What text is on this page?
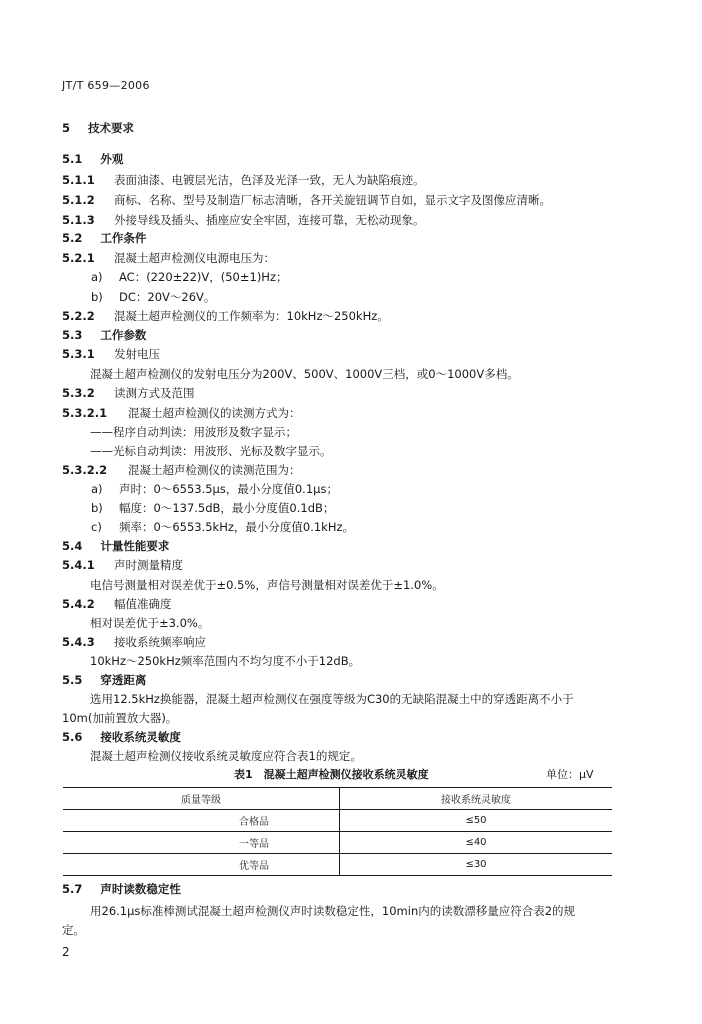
JT/T 659—2006
5 技术要求
5.1 外观
5.1.1 表面油漆、电镀层光洁，色泽及光泽一致，无人为缺陷痕迹。
5.1.2 商标、名称、型号及制造厂标志清晰，各开关旋钮调节自如，显示文字及图像应清晰。
5.1.3 外接导线及插头、插座应安全牢固，连接可靠，无松动现象。
5.2 工作条件
5.2.1 混凝土超声检测仪电源电压为：
a) AC：(220±22)V，(50±1)Hz；
b) DC：20V～26V。
5.2.2 混凝土超声检测仪的工作频率为：10kHz～250kHz。
5.3 工作参数
5.3.1 发射电压
混凝土超声检测仪的发射电压分为200V、500V、1000V三档，或0～1000V多档。
5.3.2 读测方式及范围
5.3.2.1 混凝土超声检测仪的读测方式为：
——程序自动判读：用波形及数字显示；
——光标自动判读：用波形、光标及数字显示。
5.3.2.2 混凝土超声检测仪的读测范围为：
a) 声时：0～6553.5μs，最小分度值0.1μs；
b) 幅度：0～137.5dB，最小分度值0.1dB；
c) 频率：0～6553.5kHz，最小分度值0.1kHz。
5.4 计量性能要求
5.4.1 声时测量精度
电信号测量相对误差优于±0.5%，声信号测量相对误差优于±1.0%。
5.4.2 幅值准确度
相对误差优于±3.0%。
5.4.3 接收系统频率响应
10kHz～250kHz频率范围内不均匀度不小于12dB。
5.5 穿透距离
选用12.5kHz换能器，混凝土超声检测仪在强度等级为C30的无缺陷混凝土中的穿透距离不小于
10m(加前置放大器)。
5.6 接收系统灵敏度
混凝土超声检测仪接收系统灵敏度应符合表1的规定。
表1　混凝土超声检测仪接收系统灵敏度	单位：μV
质量等级	接收系统灵敏度
合格品	≤50
一等品	≤40
优等品	≤30
5.7 声时读数稳定性
用26.1μs标准棒测试混凝土超声检测仪声时读数稳定性，10min内的读数漂移量应符合表2的规
定。
2
